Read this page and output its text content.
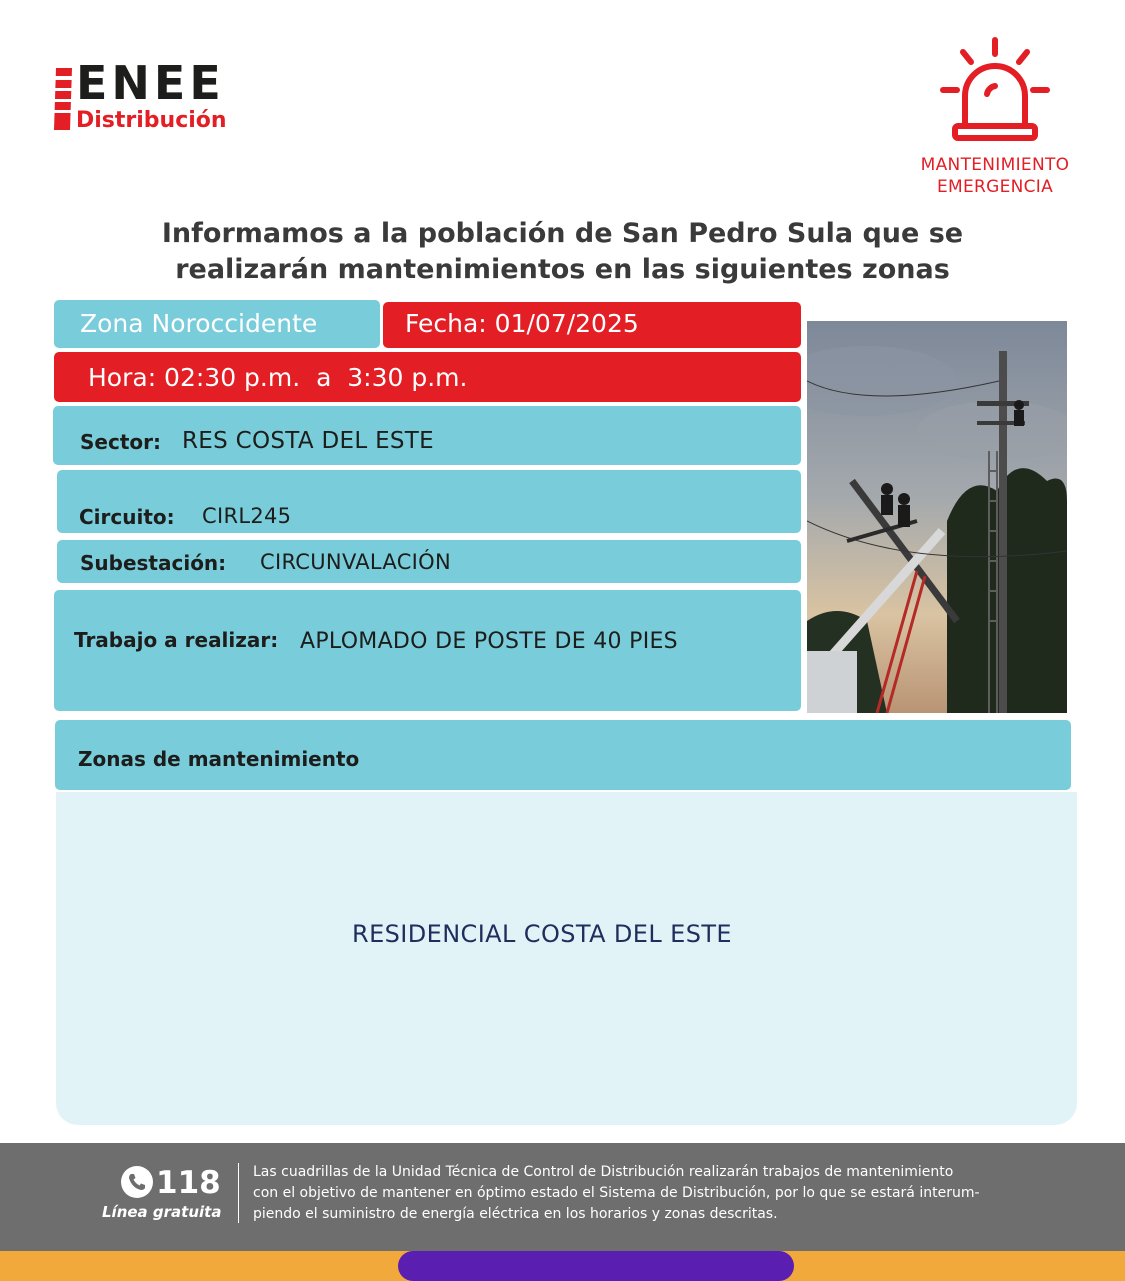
ENEE
Distribución
MANTENIMIENTO
EMERGENCIA
Informamos a la población de San Pedro Sula que se
realizarán mantenimientos en las siguientes zonas
Zona Noroccidente	Fecha: 01/07/2025
Hora: 02:30 p.m.  a  3:30 p.m.
Sector: RES COSTA DEL ESTE
Circuito: CIRL245
Subestación: CIRCUNVALACIÓN
Trabajo a realizar: APLOMADO DE POSTE DE 40 PIES
Zonas de mantenimiento
RESIDENCIAL COSTA DEL ESTE
118
Línea gratuita
Las cuadrillas de la Unidad Técnica de Control de Distribución realizarán trabajos de mantenimiento
con el objetivo de mantener en óptimo estado el Sistema de Distribución, por lo que se estará interum-
piendo el suministro de energía eléctrica en los horarios y zonas descritas.
